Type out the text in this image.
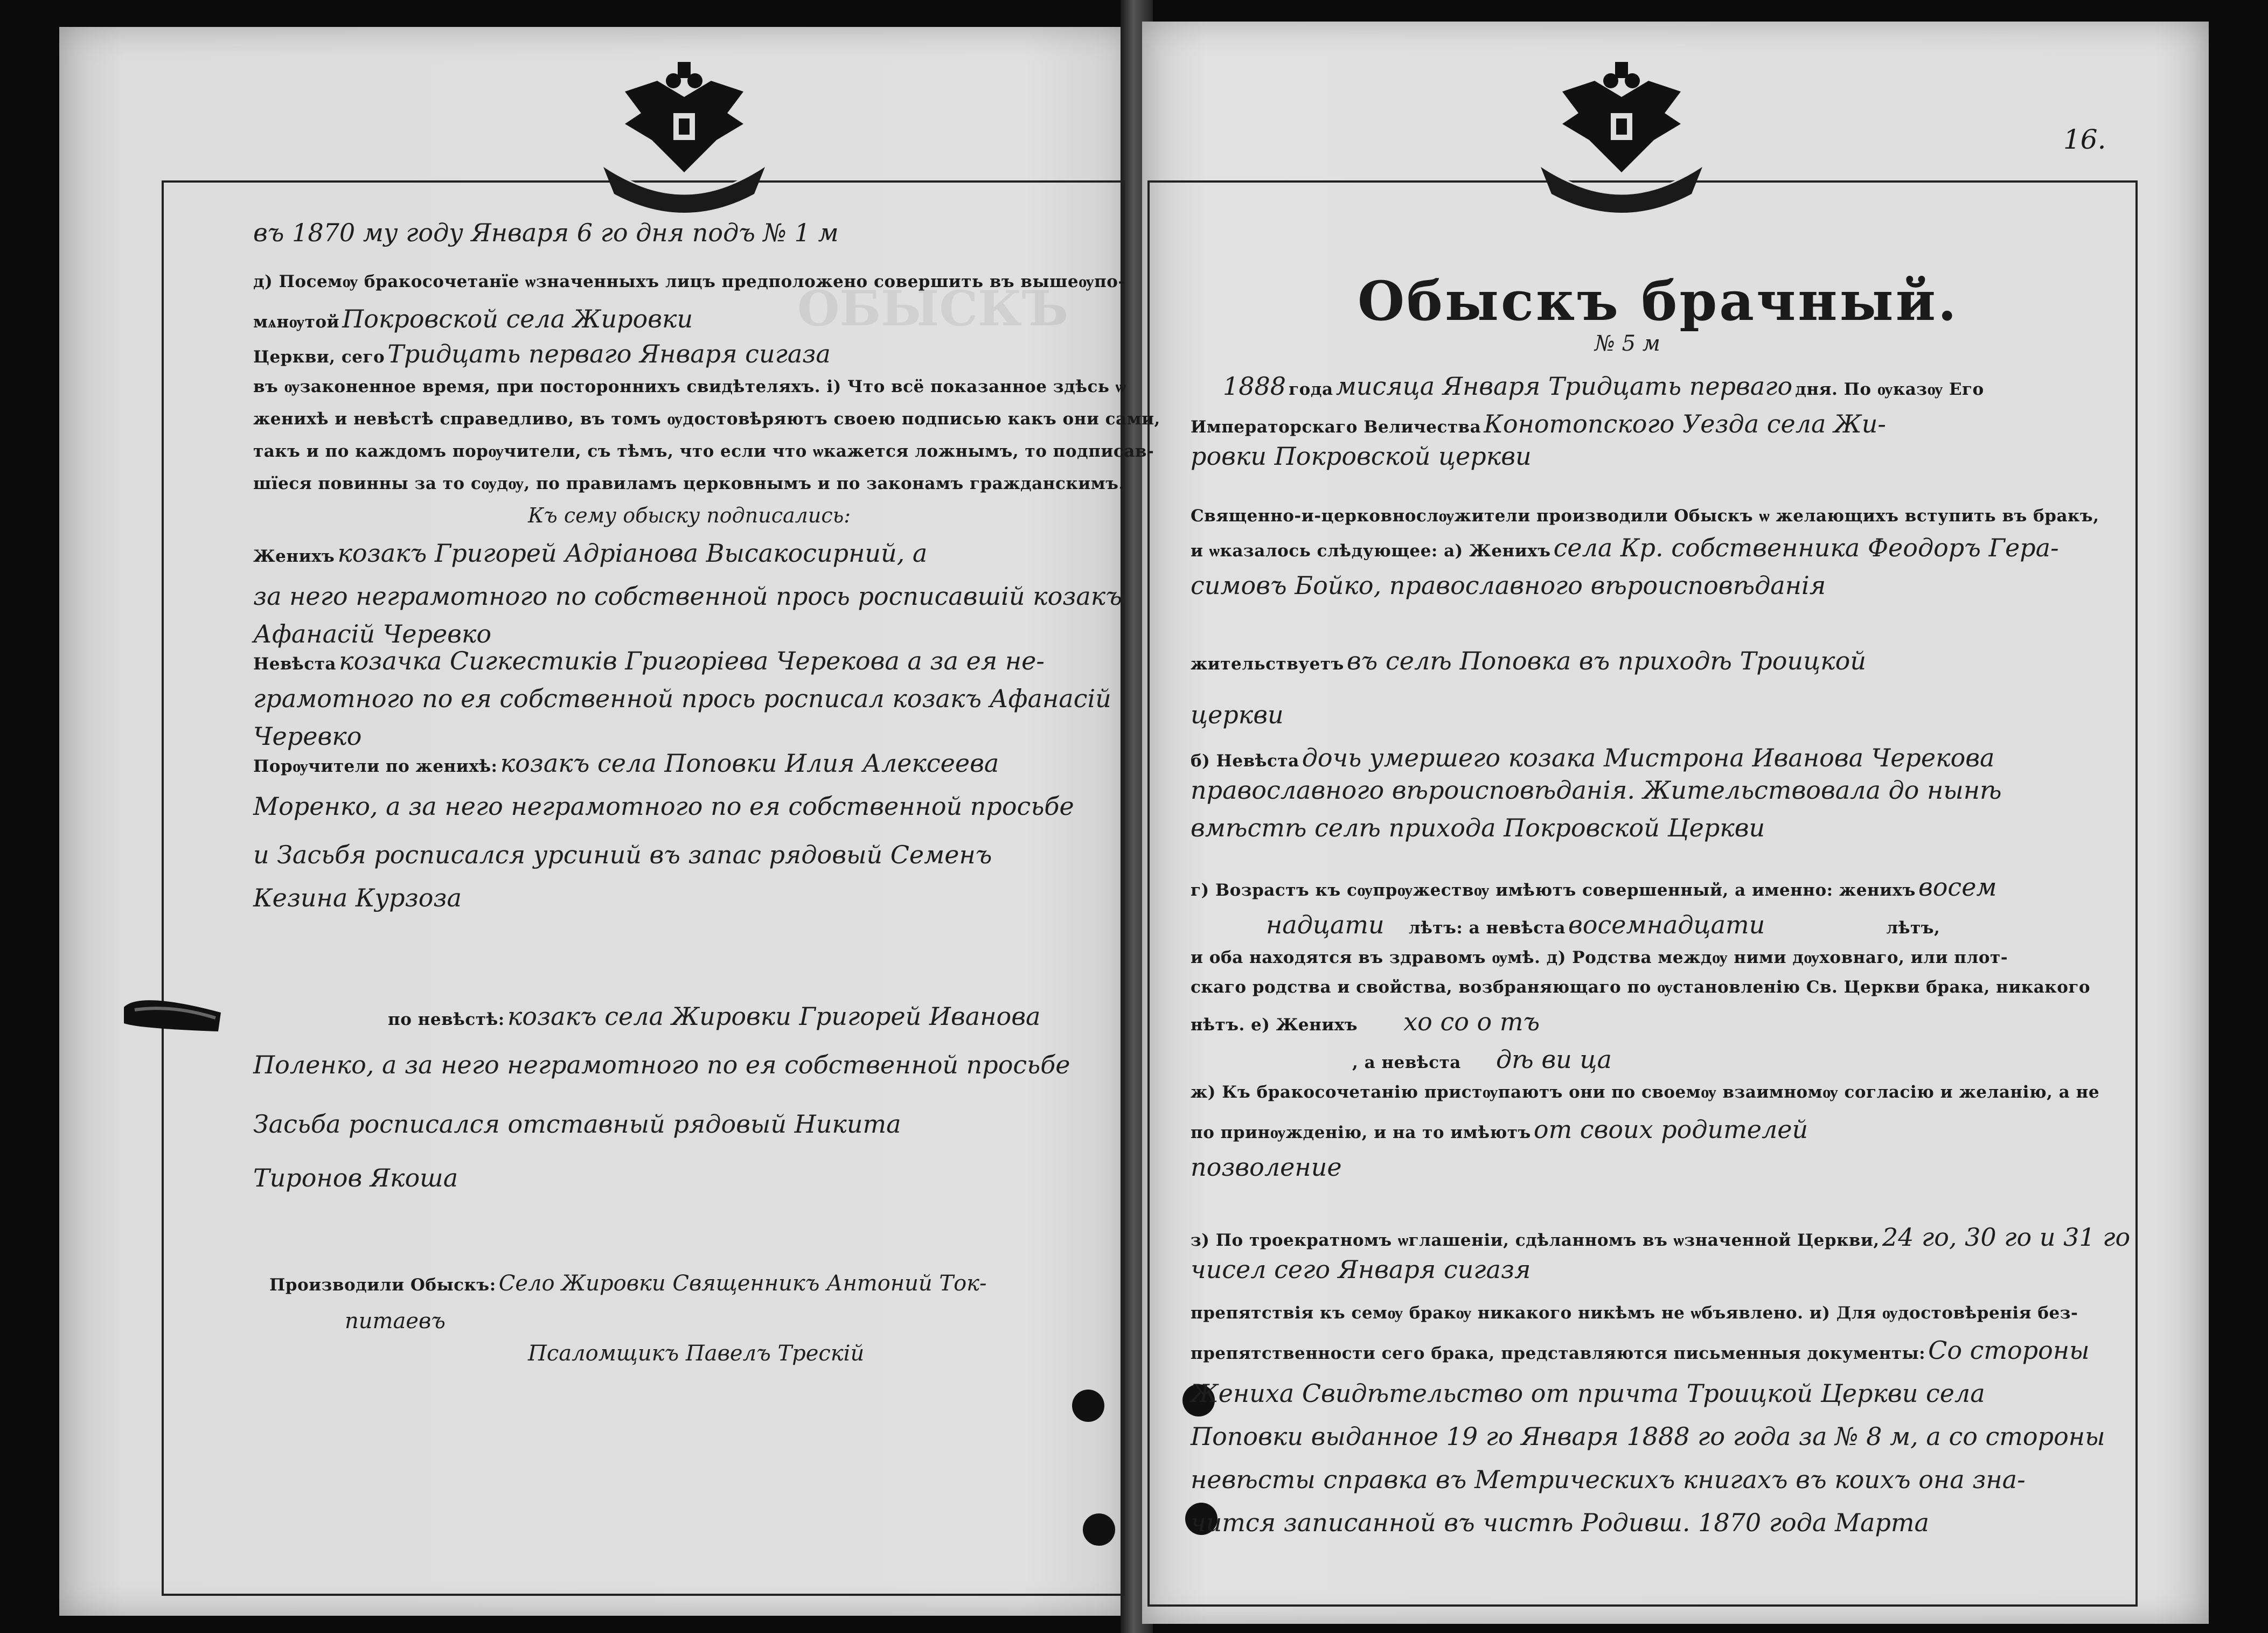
ОБЫСКЪ
въ 1870 му году Января 6 го дня подъ № 1 м
д) Посемѹ бракосочетанїе ѡзначенныхъ лицъ предположено совершить въ вышеѹпо-
мѧнѹтой Покровской села Жировки
Церкви, сего Тридцать перваго Января сигаза
въ ѹзаконенное время, при постороннихъ свидѣтеляхъ. і) Что всё показанное здѣсь ѡ
женихѣ и невѣстѣ справедливо, въ томъ ѹдостовѣряютъ своею подписью какъ они сами,
такъ и по каждомъ порѹчители, съ тѣмъ, что если что ѡкажется ложнымъ, то подписав-
шїеся повинны за то сѹдѹ, по правиламъ церковнымъ и по законамъ гражданскимъ.
Къ сему обыску подписались:
Женихъ козакъ Григорей Адріанова Высакосирний, а
за него неграмотного по собственной прось росписавшій козакъ
Афанасій Черевко
Невѣста козачка Сигкестиків Григоріева Черекова а за ея не-
грамотного по ея собственной прось росписал козакъ Афанасій
Черевко
Порѹчители по женихѣ: козакъ села Поповки Илия Алексеева
Моренко, а за него неграмотного по ея собственной просьбе
и Засьбя росписался урсиний въ запас рядовый Семенъ
Кезина Курзоза
по невѣстѣ: козакъ села Жировки Григорей Иванова
Поленко, а за него неграмотного по ея собственной просьбе
Засьба росписался отставный рядовый Никита
Тиронов Якоша
Производили Обыскъ: Село Жировки Священникъ Антоний Ток-
питаевъ
Псаломщикъ Павелъ Трескій
16.
Обыскъ брачный.
№ 5 м
1888 года мисяца Января Тридцать перваго дня. По ѹказѹ Его
Императорскаго Величества Конотопского Уезда села Жи-
ровки Покровской церкви
Священно-и-церковнослѹжители производили Обыскъ ѡ желающихъ вступить въ бракъ,
и ѡказалось слѣдующее: а) Женихъ села Кр. собственника Феодоръ Гера-
симовъ Бойко, православного вѣроисповѣданія
жительствуетъ въ селѣ Поповка въ приходѣ Троицкой
церкви
б) Невѣста дочь умершего козака Мистрона Иванова Черекова
православного вѣроисповѣданія. Жительствовала до нынѣ
вмѣстѣ селѣ прихода Покровской Церкви
г) Возрастъ къ сѹпрѹжествѹ имѣютъ совершенный, а именно: женихъ восем
надцати лѣтъ: а невѣста восемнадцати	лѣтъ,
и оба находятся въ здравомъ ѹмѣ. д) Родства междѹ ними дѹховнаго, или плот-
скаго родства и свойства, возбраняющаго по ѹстановленію Св. Церкви брака, никакого
нѣтъ. е) Женихъ хо со о тъ
, а невѣста дѣ ви ца
ж) Къ бракосочетанію пристѹпаютъ они по своемѹ взаимномѹ согласію и желанію, а не
по принѹжденію, и на то имѣютъ от своих родителей
позволение
з) По троекратномъ ѡглашеніи, сдѣланномъ въ ѡзначенной Церкви, 24 го, 30 го и 31 го
чисел сего Января сигазя
препятствія къ семѹ бракѹ никакого никѣмъ не ѡбъявлено. и) Для ѹдостовѣренія без-
препятственности сего брака, представляются письменныя документы: Со стороны
Жениха Свидѣтельство от причта Троицкой Церкви села
Поповки выданное 19 го Января 1888 го года за № 8 м, а со стороны
невѣсты справка въ Метрическихъ книгахъ въ коихъ она зна-
чится записанной въ чистѣ Родивш. 1870 года Марта
